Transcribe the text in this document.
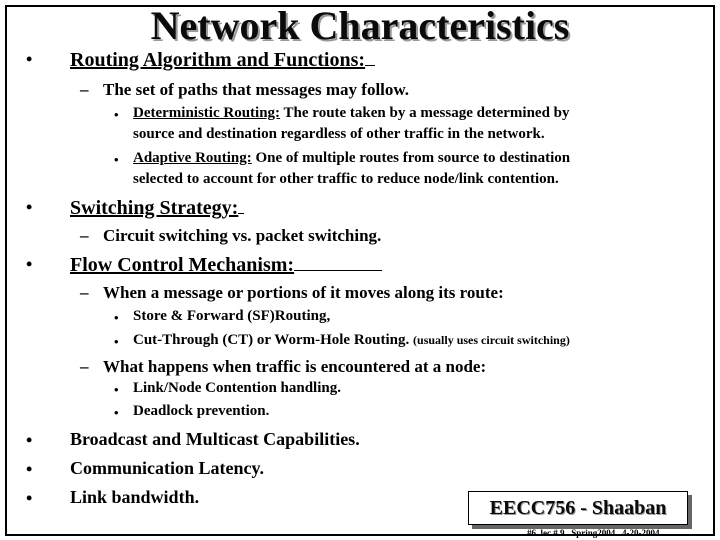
Network Characteristics
• Routing Algorithm and Functions:
– The set of paths that messages may follow.
• Deterministic Routing: The route taken by a message determined by
source and destination regardless of other traffic in the network.
• Adaptive Routing: One of multiple routes from source to destination
selected to account for other traffic to reduce node/link contention.
• Switching Strategy:
– Circuit switching vs. packet switching.
• Flow Control Mechanism:
– When a message or portions of it moves along its route:
• Store & Forward (SF)Routing,
• Cut-Through (CT) or Worm-Hole Routing. (usually uses circuit switching)
– What happens when traffic is encountered at a node:
• Link/Node Contention handling.
• Deadlock prevention.
• Broadcast and Multicast Capabilities.
• Communication Latency.
• Link bandwidth.	EECC756 - Shaaban
#6 lec # 9 Spring2004 4-20-2004
